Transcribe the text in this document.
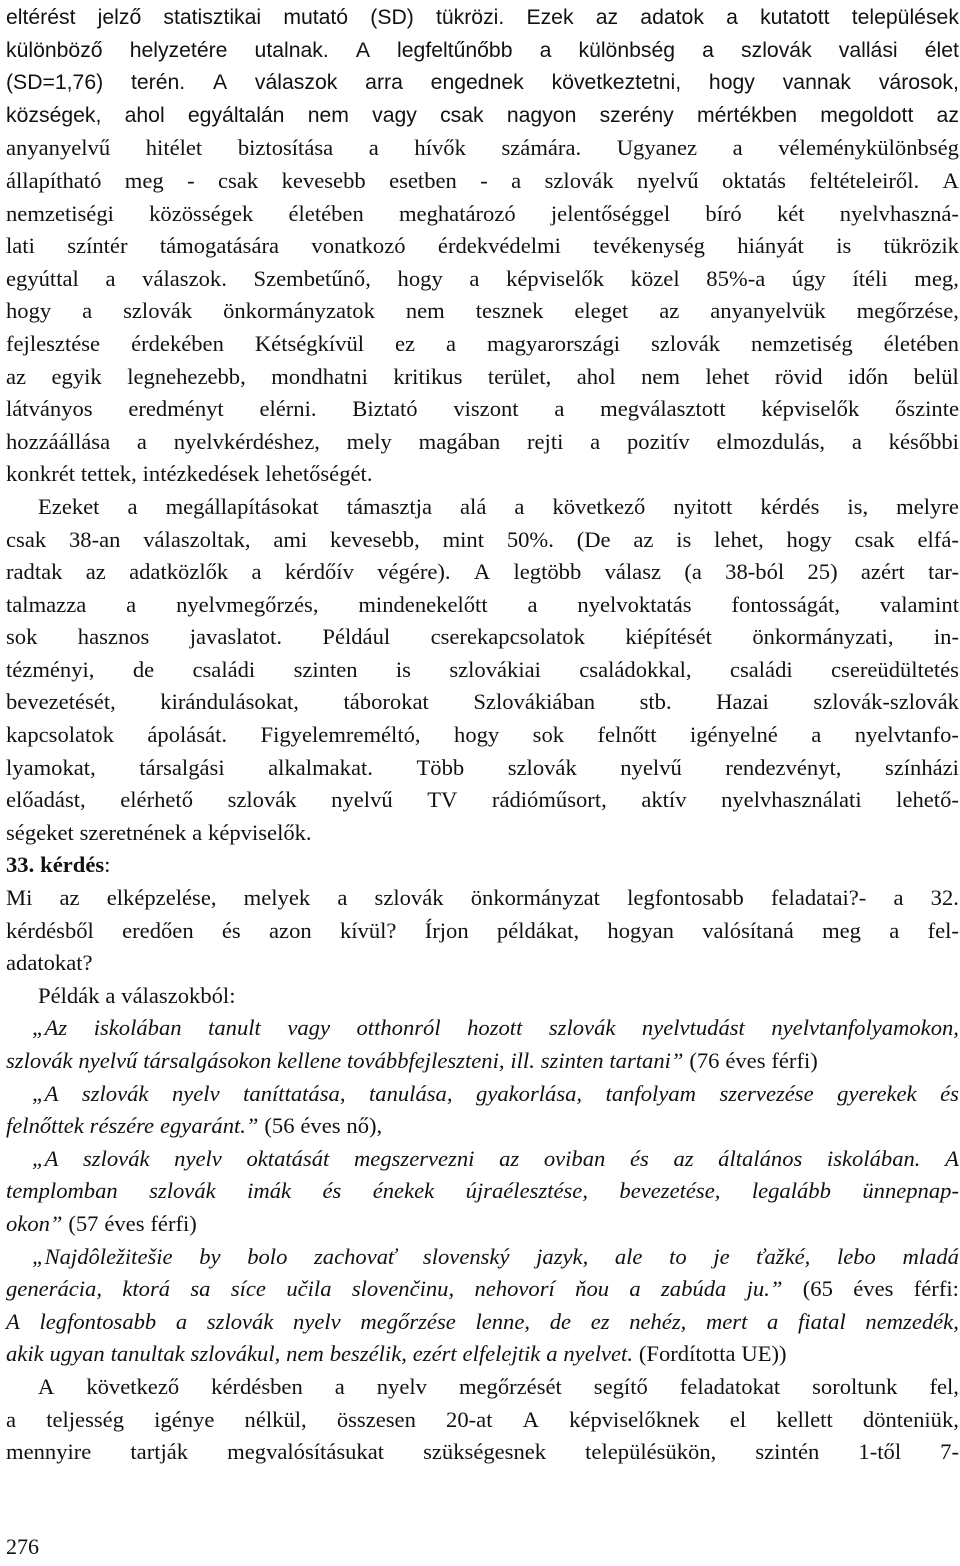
eltérést jelző statisztikai mutató (SD) tükrözi. Ezek az adatok a kutatott települések
különböző helyzetére utalnak. A legfeltűnőbb a különbség a szlovák vallási élet
(SD=1,76) terén. A válaszok arra engednek következtetni, hogy vannak városok,
községek, ahol egyáltalán nem vagy csak nagyon szerény mértékben megoldott az
anyanyelvű hitélet biztosítása a hívők számára. Ugyanez a véleménykülönbség
állapítható meg - csak kevesebb esetben - a szlovák nyelvű oktatás feltételeiről. A
nemzetiségi közösségek életében meghatározó jelentőséggel bíró két nyelvhaszná-
lati színtér támogatására vonatkozó érdekvédelmi tevékenység hiányát is tükrözik
egyúttal a válaszok. Szembetűnő, hogy a képviselők közel 85%-a úgy ítéli meg,
hogy a szlovák önkormányzatok nem tesznek eleget az anyanyelvük megőrzése,
fejlesztése érdekében Kétségkívül ez a magyarországi szlovák nemzetiség életében
az egyik legnehezebb, mondhatni kritikus terület, ahol nem lehet rövid időn belül
látványos eredményt elérni. Biztató viszont a megválasztott képviselők őszinte
hozzáállása a nyelvkérdéshez, mely magában rejti a pozitív elmozdulás, a későbbi
konkrét tettek, intézkedések lehetőségét.
Ezeket a megállapításokat támasztja alá a következő nyitott kérdés is, melyre
csak 38-an válaszoltak, ami kevesebb, mint 50%. (De az is lehet, hogy csak elfá-
radtak az adatközlők a kérdőív végére). A legtöbb válasz (a 38-ból 25) azért tar-
talmazza a nyelvmegőrzés, mindenekelőtt a nyelvoktatás fontosságát, valamint
sok hasznos javaslatot. Például cserekapcsolatok kiépítését önkormányzati, in-
tézményi, de családi szinten is szlovákiai családokkal, családi csereüdültetés
bevezetését, kirándulásokat, táborokat Szlovákiában stb. Hazai szlovák-szlovák
kapcsolatok ápolását. Figyelemreméltó, hogy sok felnőtt igényelné a nyelvtanfo-
lyamokat, társalgási alkalmakat. Több szlovák nyelvű rendezvényt, színházi
előadást, elérhető szlovák nyelvű TV rádióműsort, aktív nyelvhasználati lehető-
ségeket szeretnének a képviselők.
33. kérdés:
Mi az elképzelése, melyek a szlovák önkormányzat legfontosabb feladatai?- a 32.
kérdésből eredően és azon kívül? Írjon példákat, hogyan valósítaná meg a fel-
adatokat?
Példák a válaszokból:
„Az iskolában tanult vagy otthonról hozott szlovák nyelvtudást nyelvtanfolyamokon,
szlovák nyelvű társalgásokon kellene továbbfejleszteni, ill. szinten tartani” (76 éves férfi)
„A szlovák nyelv taníttatása, tanulása, gyakorlása, tanfolyam szervezése gyerekek és
felnőttek részére egyaránt.” (56 éves nő),
„A szlovák nyelv oktatását megszervezni az oviban és az általános iskolában. A
templomban szlovák imák és énekek újraélesztése, bevezetése, legalább ünnepnap-
okon” (57 éves férfi)
„Najdôležitešie by bolo zachovať slovenský jazyk, ale to je ťažké, lebo mladá
generácia, ktorá sa síce učila slovenčinu, nehovorí ňou a zabúda ju.” (65 éves férfi:
A legfontosabb a szlovák nyelv megőrzése lenne, de ez nehéz, mert a fiatal nemzedék,
akik ugyan tanultak szlovákul, nem beszélik, ezért elfelejtik a nyelvet. (Fordította UE))
A következő kérdésben a nyelv megőrzését segítő feladatokat soroltunk fel,
a teljesség igénye nélkül, összesen 20-at A képviselőknek el kellett dönteniük,
mennyire tartják megvalósításukat szükségesnek településükön, szintén 1-től 7-
276
